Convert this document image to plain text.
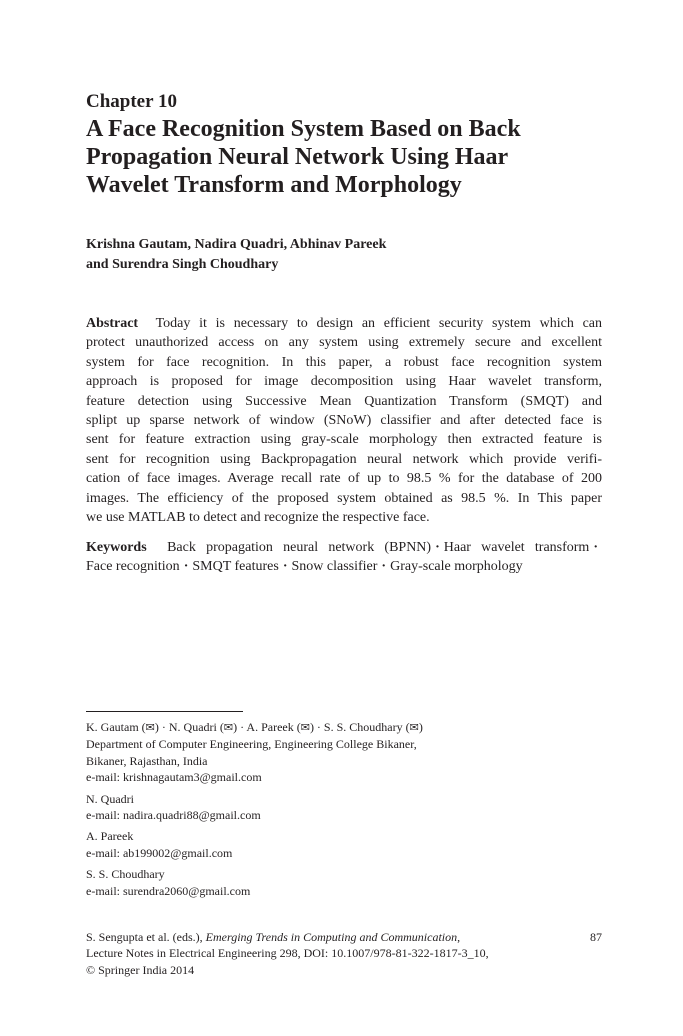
Chapter 10
A Face Recognition System Based on Back
Propagation Neural Network Using Haar
Wavelet Transform and Morphology
Krishna Gautam, Nadira Quadri, Abhinav Pareek
and Surendra Singh Choudhary
Abstract Today it is necessary to design an efficient security system which can
protect unauthorized access on any system using extremely secure and excellent
system for face recognition. In this paper, a robust face recognition system
approach is proposed for image decomposition using Haar wavelet transform,
feature detection using Successive Mean Quantization Transform (SMQT) and
splipt up sparse network of window (SNoW) classifier and after detected face is
sent for feature extraction using gray-scale morphology then extracted feature is
sent for recognition using Backpropagation neural network which provide verifi-
cation of face images. Average recall rate of up to 98.5 % for the database of 200
images. The efficiency of the proposed system obtained as 98.5 %. In This paper
we use MATLAB to detect and recognize the respective face.
Keywords Back propagation neural network (BPNN) · Haar wavelet transform ·
Face recognition · SMQT features · Snow classifier · Gray-scale morphology
K. Gautam (✉) · N. Quadri (✉) · A. Pareek (✉) · S. S. Choudhary (✉)
Department of Computer Engineering, Engineering College Bikaner,
Bikaner, Rajasthan, India
e-mail: krishnagautam3@gmail.com
N. Quadri
e-mail: nadira.quadri88@gmail.com
A. Pareek
e-mail: ab199002@gmail.com
S. S. Choudhary
e-mail: surendra2060@gmail.com
S. Sengupta et al. (eds.), Emerging Trends in Computing and Communication,
Lecture Notes in Electrical Engineering 298, DOI: 10.1007/978-81-322-1817-3_10,
© Springer India 2014
87
